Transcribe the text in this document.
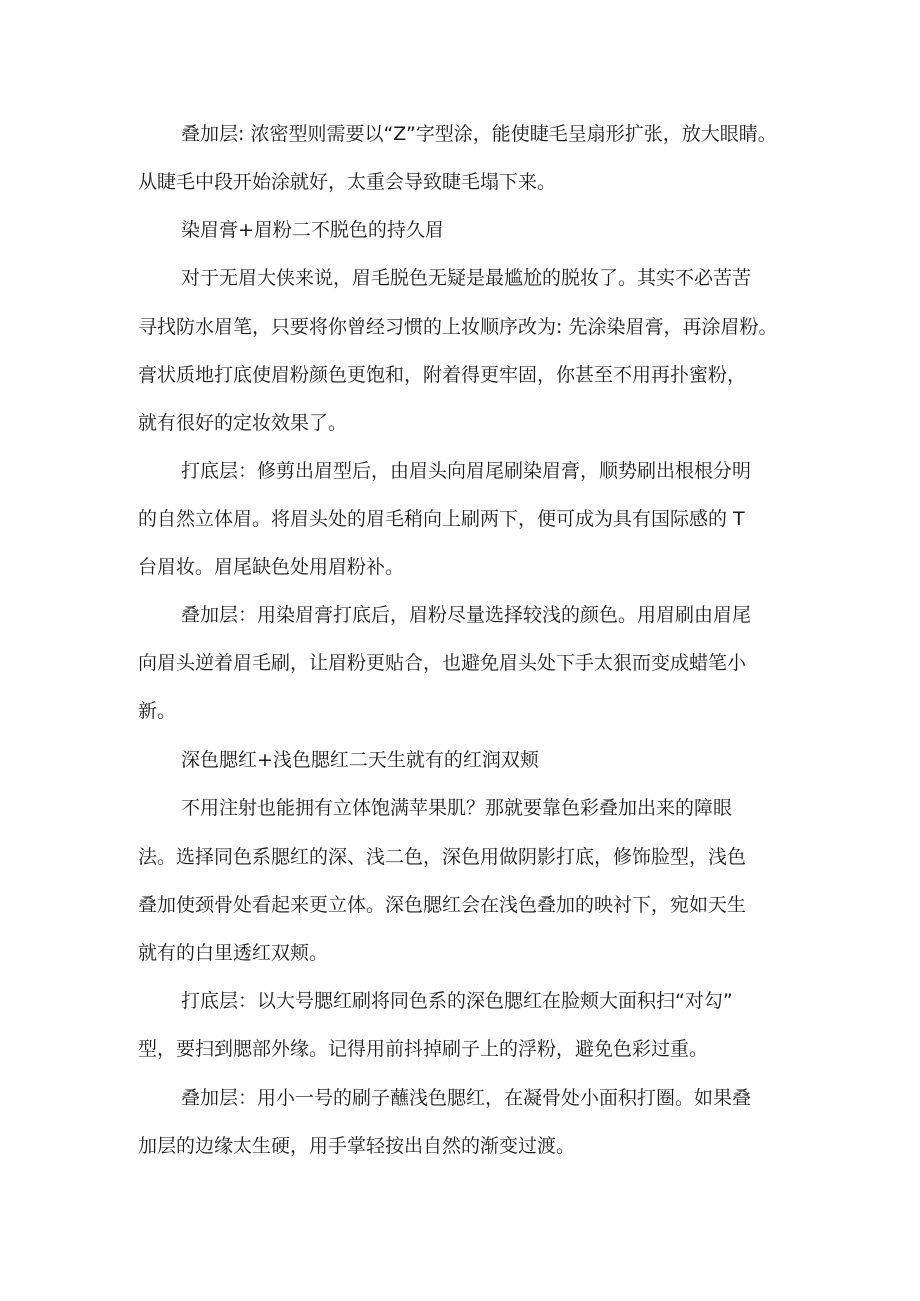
叠加层: 浓密型则需要以“Z”字型涂，能使睫毛呈扇形扩张，放大眼睛。

从睫毛中段开始涂就好，太重会导致睫毛塌下来。

染眉膏+眉粉二不脱色的持久眉

对于无眉大侠来说，眉毛脱色无疑是最尴尬的脱妆了。其实不必苦苦

寻找防水眉笔，只要将你曾经习惯的上妆顺序改为: 先涂染眉膏，再涂眉粉。

膏状质地打底使眉粉颜色更饱和，附着得更牢固，你甚至不用再扑蜜粉，

就有很好的定妆效果了。

打底层：修剪出眉型后，由眉头向眉尾刷染眉膏，顺势刷出根根分明

的自然立体眉。将眉头处的眉毛稍向上刷两下，便可成为具有国际感的 T

台眉妆。眉尾缺色处用眉粉补。

叠加层：用染眉膏打底后，眉粉尽量选择较浅的颜色。用眉刷由眉尾

向眉头逆着眉毛刷，让眉粉更贴合，也避免眉头处下手太狠而变成蜡笔小

新。

深色腮红+浅色腮红二天生就有的红润双颊

不用注射也能拥有立体饱满苹果肌？那就要靠色彩叠加出来的障眼

法。选择同色系腮红的深、浅二色，深色用做阴影打底，修饰脸型，浅色

叠加使颈骨处看起来更立体。深色腮红会在浅色叠加的映衬下，宛如天生

就有的白里透红双颊。

打底层：以大号腮红刷将同色系的深色腮红在脸颊大面积扫“对勾”

型，要扫到腮部外缘。记得用前抖掉刷子上的浮粉，避免色彩过重。

叠加层：用小一号的刷子蘸浅色腮红，在凝骨处小面积打圈。如果叠

加层的边缘太生硬，用手掌轻按出自然的渐变过渡。
